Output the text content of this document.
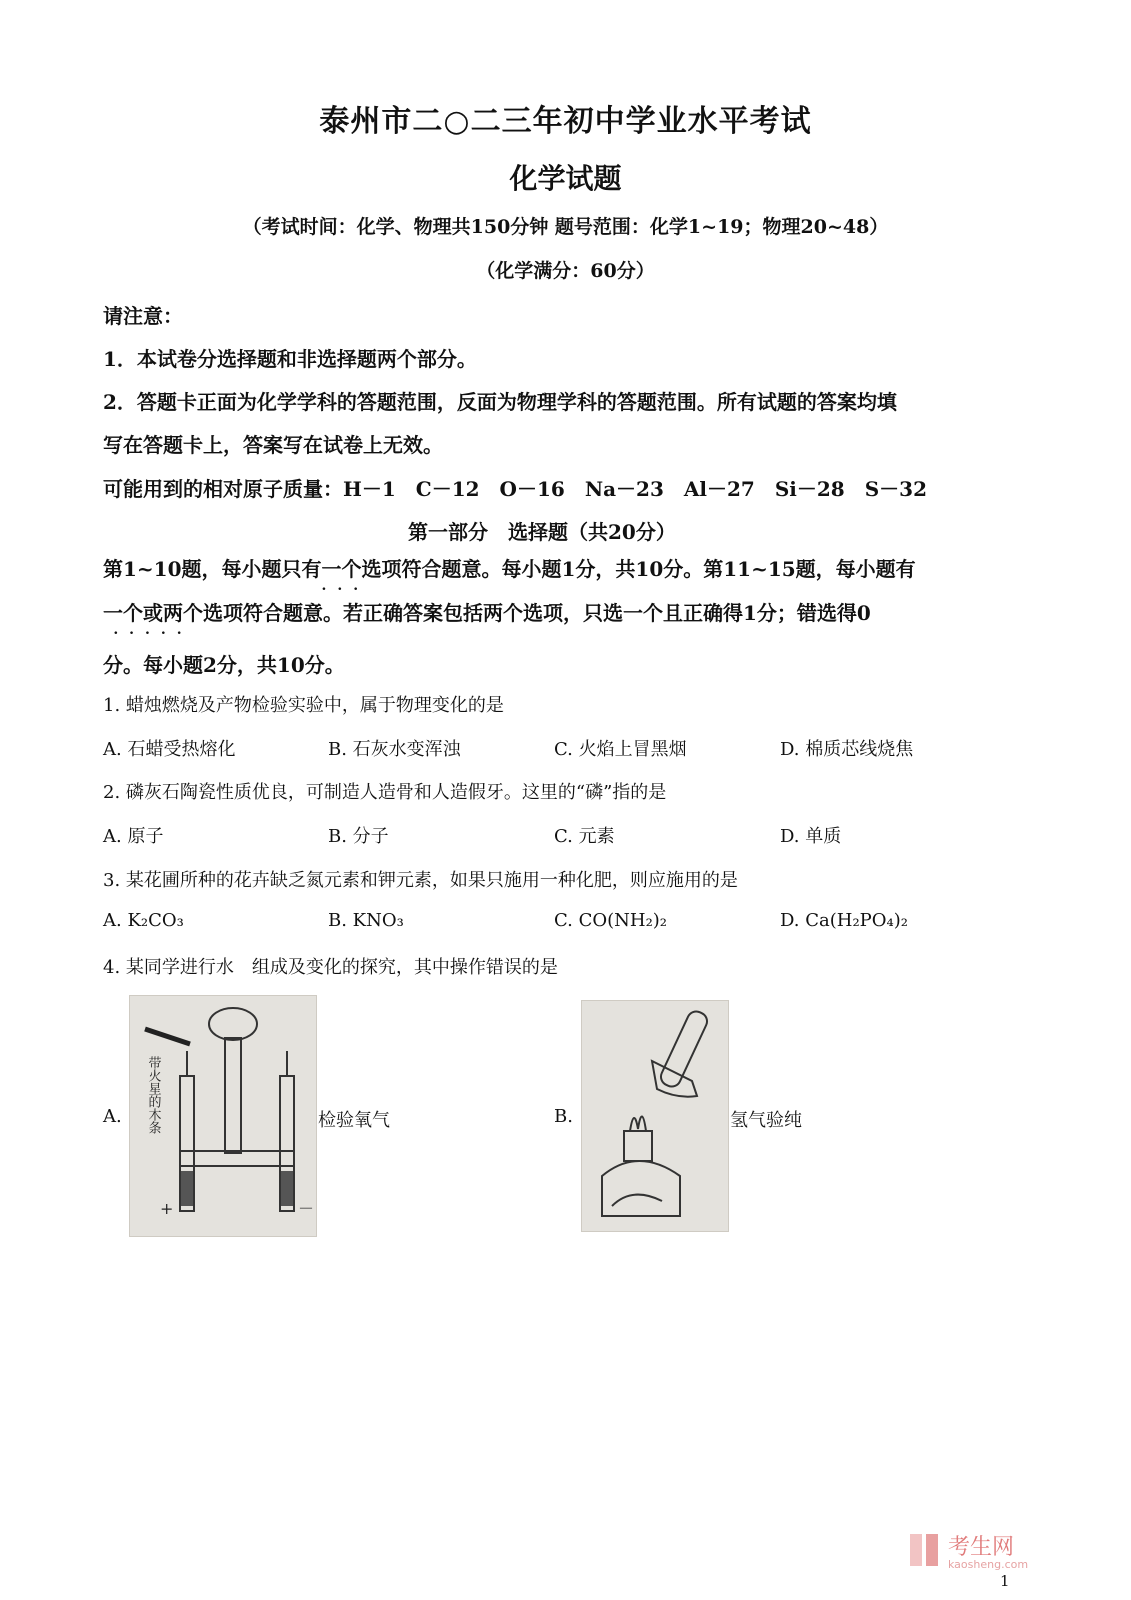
泰州市二○二三年初中学业水平考试
化学试题
（考试时间：化学、物理共150分钟 题号范围：化学1~19；物理20~48）
（化学满分：60分）
请注意：
1．本试卷分选择题和非选择题两个部分。
2．答题卡正面为化学学科的答题范围，反面为物理学科的答题范围。所有试题的答案均填
写在答题卡上，答案写在试卷上无效。
可能用到的相对原子质量：H－1　C－12　O－16　Na－23　Al－27　Si－28　S－32
第一部分　选择题（共20分）
第1~10题，每小题只有一个
...
选项符合题意。每小题1分，共10分。第11~15题，每小题有
一个或两个
.....
选项符合题意。若正确答案包括两个选项，只选一个且正确得1分；错选得0
分。每小题2分，共10分。
1. 蜡烛燃烧及产物检验实验中，属于物理变化的是
A. 石蜡受热熔化	B. 石灰水变浑浊	C. 火焰上冒黑烟	D. 棉质芯线烧焦
2. 磷灰石陶瓷性质优良，可制造人造骨和人造假牙。这里的“磷”指的是
A. 原子	B. 分子	C. 元素	D. 单质
3. 某花圃所种的花卉缺乏氮元素和钾元素，如果只施用一种化肥，则应施用的是
A. K₂CO₃	B. KNO₃	C. CO(NH₂)₂	D. Ca(H₂PO₄)₂
4. 某同学进行水　组成及变化的探究，其中操作错误的是
A. 带火星的木条
+	－
检验氧气	B.	氢气验纯
考生网
kaosheng.com
1
